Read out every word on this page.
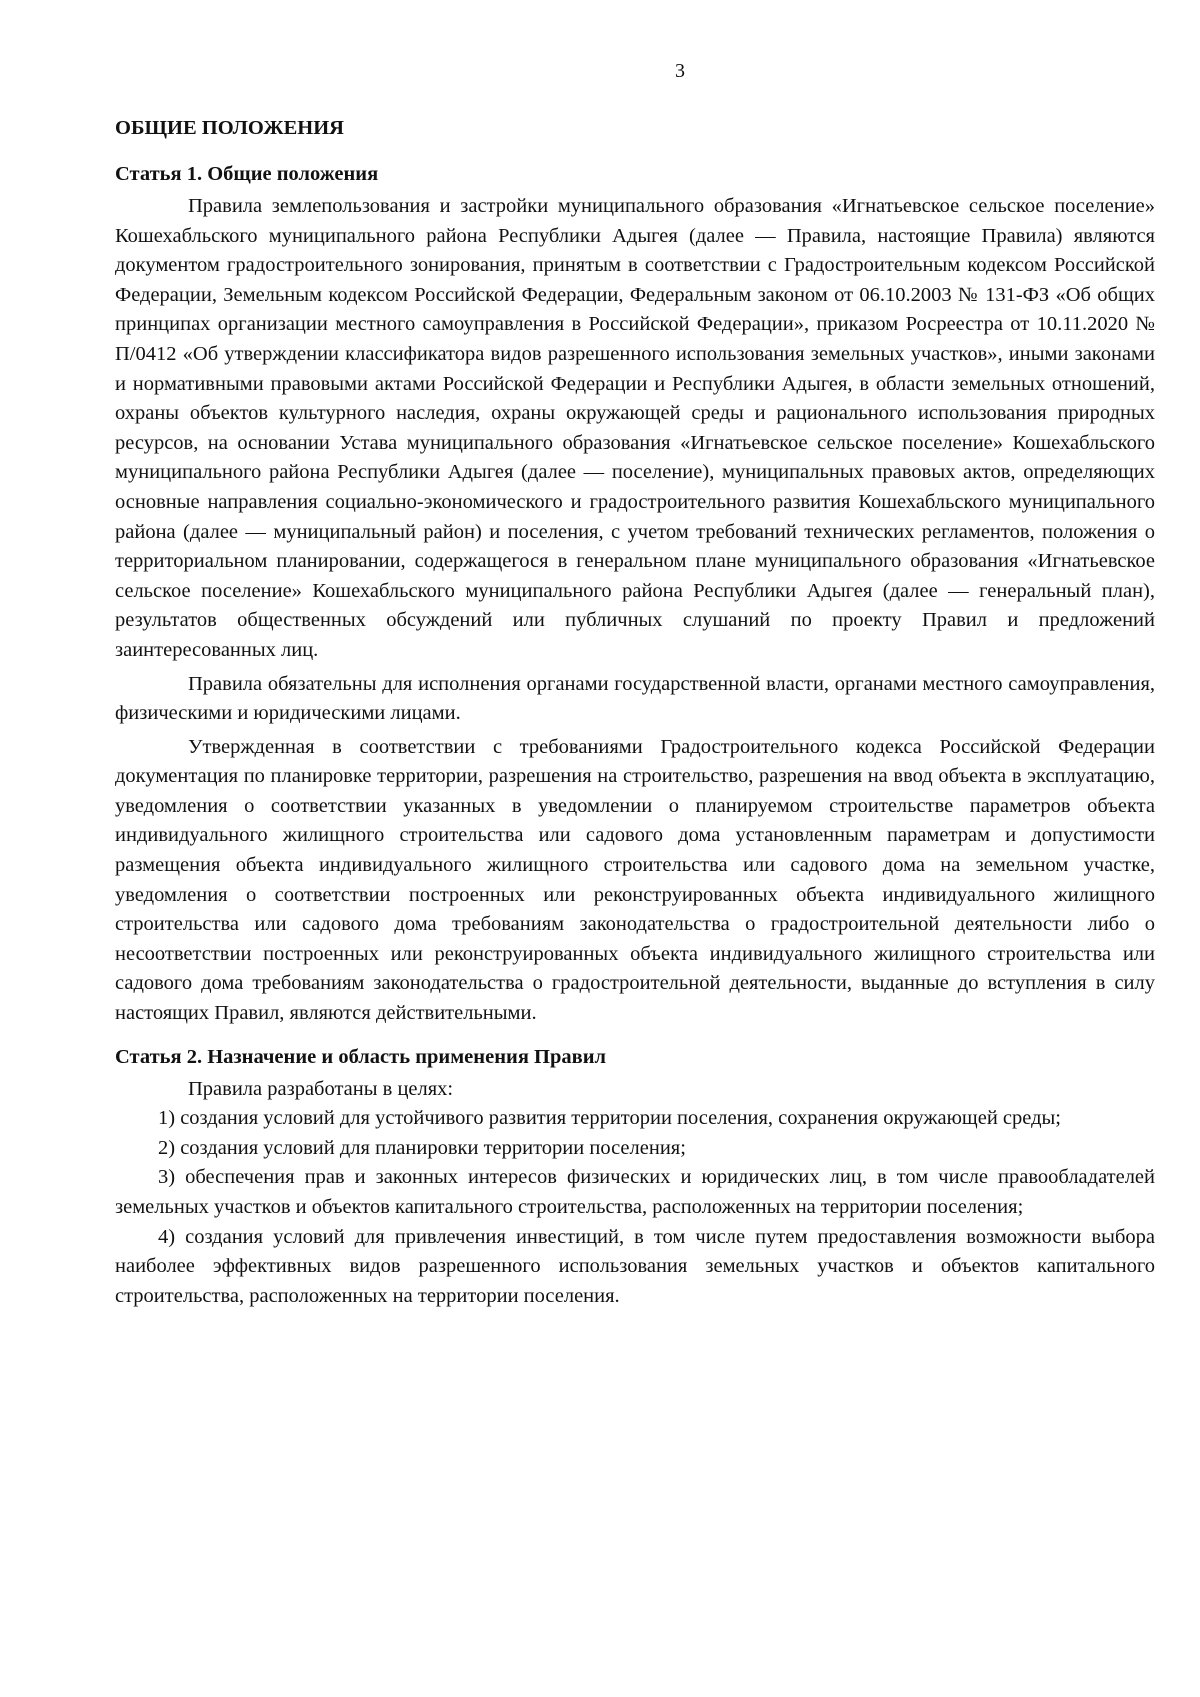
3
ОБЩИЕ ПОЛОЖЕНИЯ
Статья 1. Общие положения

Правила землепользования и застройки муниципального образования «Игнатьевское сельское поселение» Кошехабльского муниципального района Республики Адыгея (далее — Правила, настоящие Правила) являются документом градостроительного зонирования, принятым в соответствии с Градостроительным кодексом Российской Федерации, Земельным кодексом Российской Федерации, Федеральным законом от 06.10.2003 № 131-ФЗ «Об общих принципах организации местного самоуправления в Российской Федерации», приказом Росреестра от 10.11.2020 № П/0412 «Об утверждении классификатора видов разрешенного использования земельных участков», иными законами и нормативными правовыми актами Российской Федерации и Республики Адыгея, в области земельных отношений, охраны объектов культурного наследия, охраны окружающей среды и рационального использования природных ресурсов, на основании Устава муниципального образования «Игнатьевское сельское поселение» Кошехабльского муниципального района Республики Адыгея (далее — поселение), муниципальных правовых актов, определяющих основные направления социально-экономического и градостроительного развития Кошехабльского муниципального района (далее — муниципальный район) и поселения, с учетом требований технических регламентов, положения о территориальном планировании, содержащегося в генеральном плане муниципального образования «Игнатьевское сельское поселение» Кошехабльского муниципального района Республики Адыгея (далее — генеральный план), результатов общественных обсуждений или публичных слушаний по проекту Правил и предложений заинтересованных лиц.

Правила обязательны для исполнения органами государственной власти, органами местного самоуправления, физическими и юридическими лицами.

Утвержденная в соответствии с требованиями Градостроительного кодекса Российской Федерации документация по планировке территории, разрешения на строительство, разрешения на ввод объекта в эксплуатацию, уведомления о соответствии указанных в уведомлении о планируемом строительстве параметров объекта индивидуального жилищного строительства или садового дома установленным параметрам и допустимости размещения объекта индивидуального жилищного строительства или садового дома на земельном участке, уведомления о соответствии построенных или реконструированных объекта индивидуального жилищного строительства или садового дома требованиям законодательства о градостроительной деятельности либо о несоответствии построенных или реконструированных объекта индивидуального жилищного строительства или садового дома требованиям законодательства о градостроительной деятельности, выданные до вступления в силу настоящих Правил, являются действительными.

Статья 2. Назначение и область применения Правил

Правила разработаны в целях:

1) создания условий для устойчивого развития территории поселения, сохранения окружающей среды;

2) создания условий для планировки территории поселения;

3) обеспечения прав и законных интересов физических и юридических лиц, в том числе правообладателей земельных участков и объектов капитального строительства, расположенных на территории поселения;

4) создания условий для привлечения инвестиций, в том числе путем предоставления возможности выбора наиболее эффективных видов разрешенного использования земельных участков и объектов капитального строительства, расположенных на территории поселения.
